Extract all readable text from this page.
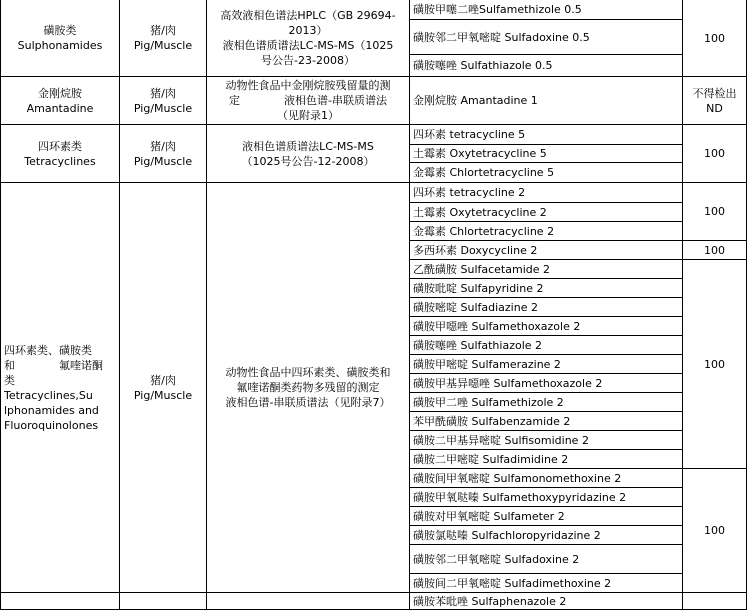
磺胺类
Sulphonamides
猪/肉
Pig/Muscle
高效液相色谱法HPLC（GB 29694-
2013）
液相色谱质谱法LC-MS-MS（1025
号公告-23-2008）
磺胺甲噻二唑Sulfamethizole 0.5
磺胺邻二甲氧嘧啶 Sulfadoxine 0.5
磺胺噻唑 Sulfathiazole 0.5
100
金刚烷胺
Amantadine
猪/肉
Pig/Muscle
动物性食品中金刚烷胺残留量的测
定　　　　液相色谱-串联质谱法
（见附录1）
金刚烷胺 Amantadine 1
不得检出
ND
四环素类
Tetracyclines
猪/肉
Pig/Muscle
液相色谱质谱法LC-MS-MS
（1025号公告-12-2008）
四环素 tetracycline 5
土霉素 Oxytetracycline 5
金霉素 Chlortetracycline 5
100
四环素类、磺胺类
和　　　　氟喹诺酮
类
Tetracyclines,Su
lphonamides and
Fluoroquinolones
猪/肉
Pig/Muscle
动物性食品中四环素类、磺胺类和
氟喹诺酮类药物多残留的测定
液相色谱-串联质谱法（见附录7）
四环素 tetracycline 2
土霉素 Oxytetracycline 2
金霉素 Chlortetracycline 2
多西环素 Doxycycline 2
乙酰磺胺 Sulfacetamide 2
磺胺吡啶 Sulfapyridine 2
磺胺嘧啶 Sulfadiazine 2
磺胺甲噁唑 Sulfamethoxazole 2
磺胺噻唑 Sulfathiazole 2
磺胺甲嘧啶 Sulfamerazine 2
磺胺甲基异噁唑 Sulfamethoxazole 2
磺胺甲二唑 Sulfamethizole 2
苯甲酰磺胺 Sulfabenzamide 2
磺胺二甲基异嘧啶 Sulfisomidine 2
磺胺二甲嘧啶 Sulfadimidine 2
磺胺间甲氧嘧啶 Sulfamonomethoxine 2
磺胺甲氧哒嗪 Sulfamethoxypyridazine 2
磺胺对甲氧嘧啶 Sulfameter 2
磺胺氯哒嗪 Sulfachloropyridazine 2
磺胺邻二甲氧嘧啶 Sulfadoxine 2
磺胺间二甲氧嘧啶 Sulfadimethoxine 2
100
100
100
100
磺胺苯吡唑 Sulfaphenazole 2
